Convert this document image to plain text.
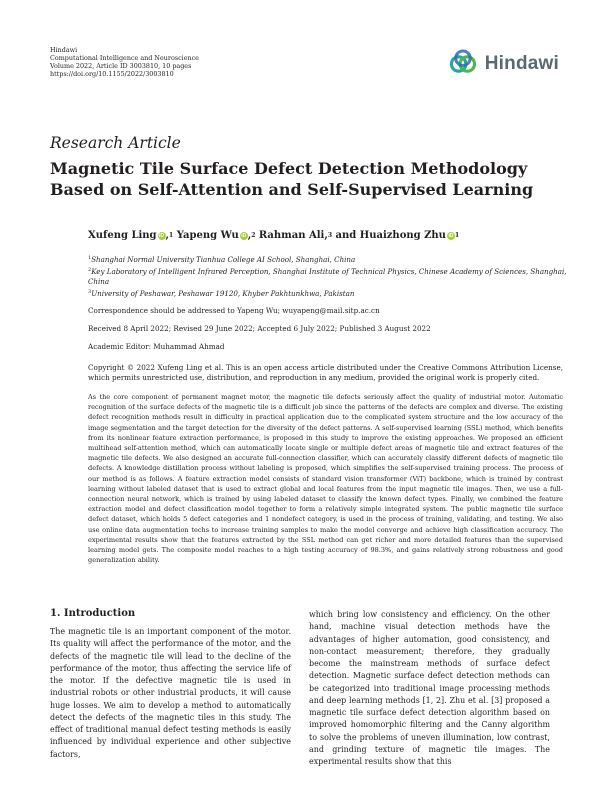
Hindawi
Computational Intelligence and Neuroscience
Volume 2022, Article ID 3003810, 10 pages
https://doi.org/10.1155/2022/3003810	Hindawi
Research Article
Magnetic Tile Surface Defect Detection Methodology Based on Self-Attention and Self-Supervised Learning
Xufeng Ling iD , 1
Yapeng Wu iD , 2
Rahman Ali, 3
and
Huaizhong Zhu iD 1
$^1$Shanghai Normal University Tianhua College AI School, Shanghai, China
$^2$Key Laboratory of Intelligent Infrared Perception, Shanghai Institute of Technical Physics, Chinese Academy of Sciences, Shanghai, China
$^3$University of Peshawar, Peshawar 19120, Khyber Pakhtunkhwa, Pakistan
Correspondence should be addressed to Yapeng Wu; wuyapeng@mail.sitp.ac.cn
Received 8 April 2022; Revised 29 June 2022; Accepted 6 July 2022; Published 3 August 2022
Academic Editor: Muhammad Ahmad
Copyright © 2022 Xufeng Ling et al. This is an open access article distributed under the Creative Commons Attribution License, which permits unrestricted use, distribution, and reproduction in any medium, provided the original work is properly cited.
As the core component of permanent magnet motor, the magnetic tile defects seriously affect the quality of industrial motor. Automatic recognition of the surface defects of the magnetic tile is a difficult job since the patterns of the defects are complex and diverse. The existing defect recognition methods result in difficulty in practical application due to the complicated system structure and the low accuracy of the image segmentation and the target detection for the diversity of the defect patterns. A self-supervised learning (SSL) method, which benefits from its nonlinear feature extraction performance, is proposed in this study to improve the existing approaches. We proposed an efficient multihead self-attention method, which can automatically locate single or multiple defect areas of magnetic tile and extract features of the magnetic tile defects. We also designed an accurate full-connection classifier, which can accurately classify different defects of magnetic tile defects. A knowledge distillation process without labeling is proposed, which simplifies the self-supervised training process. The process of our method is as follows. A feature extraction model consists of standard vision transformer (ViT) backbone, which is trained by contrast learning without labeled dataset that is used to extract global and local features from the input magnetic tile images. Then, we use a full-connection neural network, which is trained by using labeled dataset to classify the known defect types. Finally, we combined the feature extraction model and defect classification model together to form a relatively simple integrated system. The public magnetic tile surface defect dataset, which holds 5 defect categories and 1 nondefect category, is used in the process of training, validating, and testing. We also use online data augmentation techs to increase training samples to make the model converge and achieve high classification accuracy. The experimental results show that the features extracted by the SSL method can get richer and more detailed features than the supervised learning model gets. The composite model reaches to a high testing accuracy of 98.3%, and gains relatively strong robustness and good generalization ability.
1. Introduction
The magnetic tile is an important component of the motor. Its quality will affect the performance of the motor, and the defects of the magnetic tile will lead to the decline of the performance of the motor, thus affecting the service life of the motor. If the defective magnetic tile is used in industrial robots or other industrial products, it will cause huge losses. We aim to develop a method to automatically detect the defects of the magnetic tiles in this study. The effect of traditional manual defect testing methods is easily influenced by individual experience and other subjective factors,
which bring low consistency and efficiency. On the other hand, machine visual detection methods have the advantages of higher automation, good consistency, and non-contact measurement; therefore, they gradually become the mainstream methods of surface defect detection. Magnetic surface defect detection methods can be categorized into traditional image processing methods and deep learning methods [1, 2]. Zhu et al. [3] proposed a magnetic tile surface defect detection algorithm based on improved homomorphic filtering and the Canny algorithm to solve the problems of uneven illumination, low contrast, and grinding texture of magnetic tile images. The experimental results show that this
